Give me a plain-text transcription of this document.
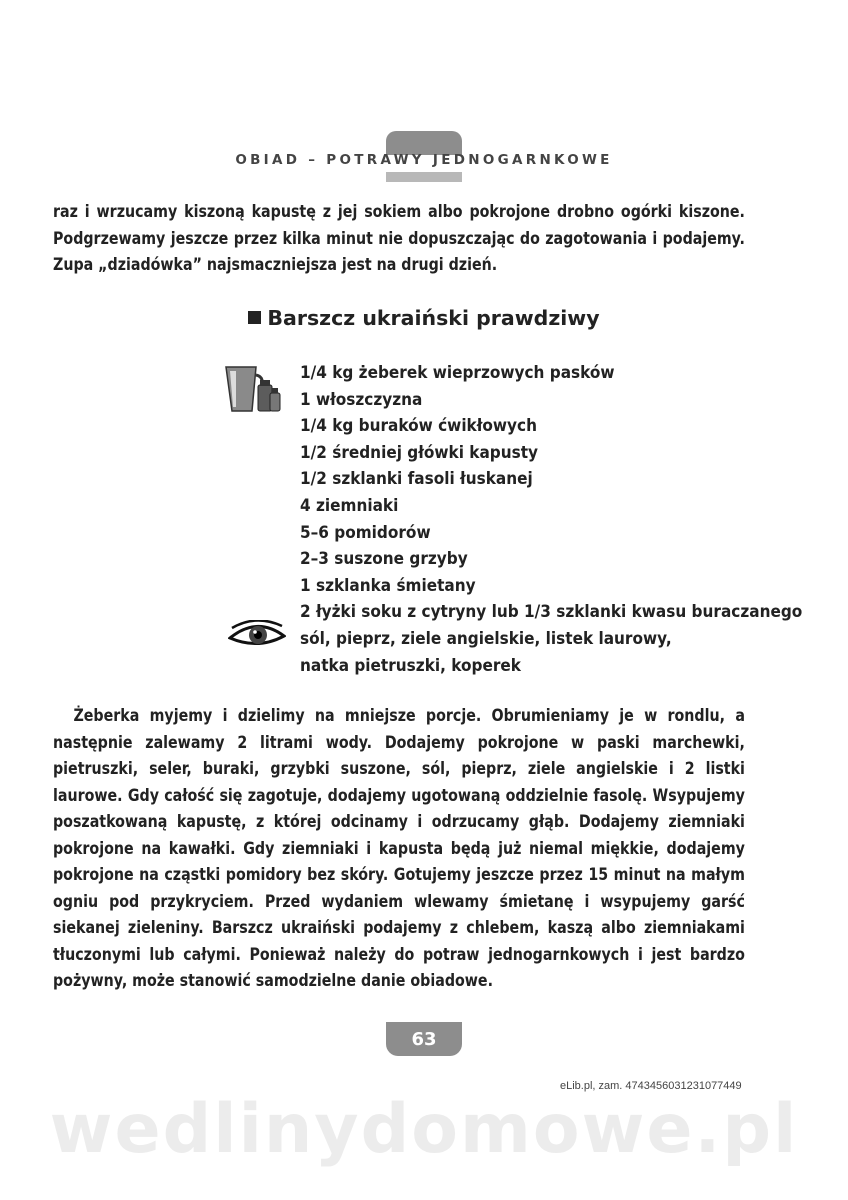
OBIAD – POTRAWY JEDNOGARNKOWE

raz i wrzucamy kiszoną kapustę z jej sokiem albo pokrojone drobno ogórki kiszone. Podgrzewamy jeszcze przez kilka minut nie dopuszczając do zagotowania i podajemy. Zupa „dziadówka” najsmaczniejsza jest na drugi dzień.

Barszcz ukraiński prawdziwy
1/4 kg żeberek wieprzowych pasków
1 włoszczyzna
1/4 kg buraków ćwikłowych
1/2 średniej główki kapusty
1/2 szklanki fasoli łuskanej
4 ziemniaki
5–6 pomidorów
2–3 suszone grzyby
1 szklanka śmietany
2 łyżki soku z cytryny lub 1/3 szklanki kwasu buraczanego
sól, pieprz, ziele angielskie, listek laurowy,
natka pietruszki, koperek

Żeberka myjemy i dzielimy na mniejsze porcje. Obrumieniamy je w rondlu, a następnie zalewamy 2 litrami wody. Dodajemy pokrojone w paski marchewki, pietruszki, seler, buraki, grzybki suszone, sól, pieprz, ziele angielskie i 2 listki laurowe. Gdy całość się zagotuje, dodajemy ugotowaną oddzielnie fasolę. Wsypujemy poszatkowaną kapustę, z której odcinamy i odrzucamy głąb. Dodajemy ziemniaki pokrojone na kawałki. Gdy ziemniaki i kapusta będą już niemal miękkie, dodajemy pokrojone na cząstki pomidory bez skóry. Gotujemy jeszcze przez 15 minut na małym ogniu pod przykryciem. Przed wydaniem wlewamy śmietanę i wsypujemy garść siekanej zieleniny. Barszcz ukraiński podajemy z chlebem, kaszą albo ziemniakami tłuczonymi lub całymi. Ponieważ należy do potraw jednogarnkowych i jest bardzo pożywny, może stanowić samodzielne danie obiadowe.

63
eLib.pl, zam. 4743456031231077449
wedlinydomowe.pl
